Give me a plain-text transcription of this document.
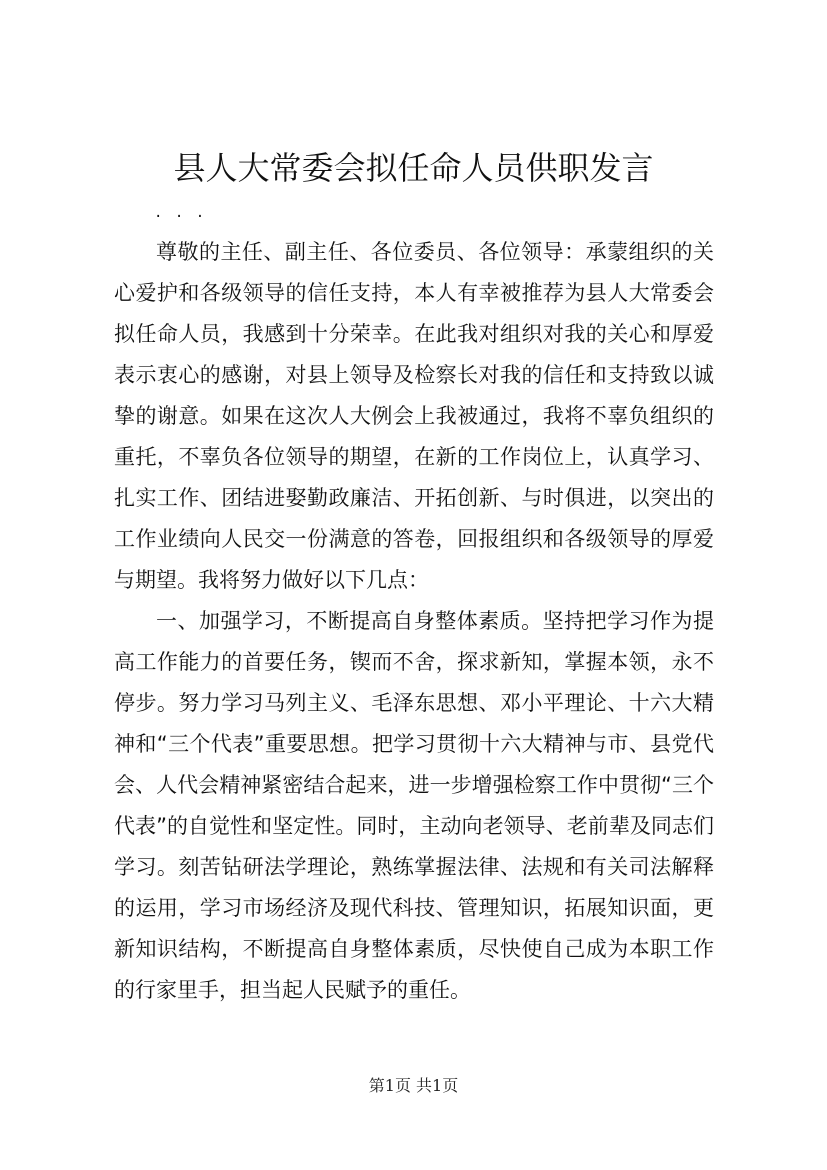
县人大常委会拟任命人员供职发言
. . .

尊敬的主任、副主任、各位委员、各位领导：承蒙组织的关心爱护和各级领导的信任支持，本人有幸被推荐为县人大常委会拟任命人员，我感到十分荣幸。在此我对组织对我的关心和厚爱表示衷心的感谢，对县上领导及检察长对我的信任和支持致以诚挚的谢意。如果在这次人大例会上我被通过，我将不辜负组织的重托，不辜负各位领导的期望，在新的工作岗位上，认真学习、扎实工作、团结进娶勤政廉洁、开拓创新、与时俱进，以突出的工作业绩向人民交一份满意的答卷，回报组织和各级领导的厚爱与期望。我将努力做好以下几点：

一、加强学习，不断提高自身整体素质。坚持把学习作为提高工作能力的首要任务，锲而不舍，探求新知，掌握本领，永不停步。努力学习马列主义、毛泽东思想、邓小平理论、十六大精神和“三个代表”重要思想。把学习贯彻十六大精神与市、县党代会、人代会精神紧密结合起来，进一步增强检察工作中贯彻“三个代表”的自觉性和坚定性。同时，主动向老领导、老前辈及同志们学习。刻苦钻研法学理论，熟练掌握法律、法规和有关司法解释的运用，学习市场经济及现代科技、管理知识，拓展知识面，更新知识结构，不断提高自身整体素质，尽快使自己成为本职工作的行家里手，担当起人民赋予的重任。

第1页 共1页
